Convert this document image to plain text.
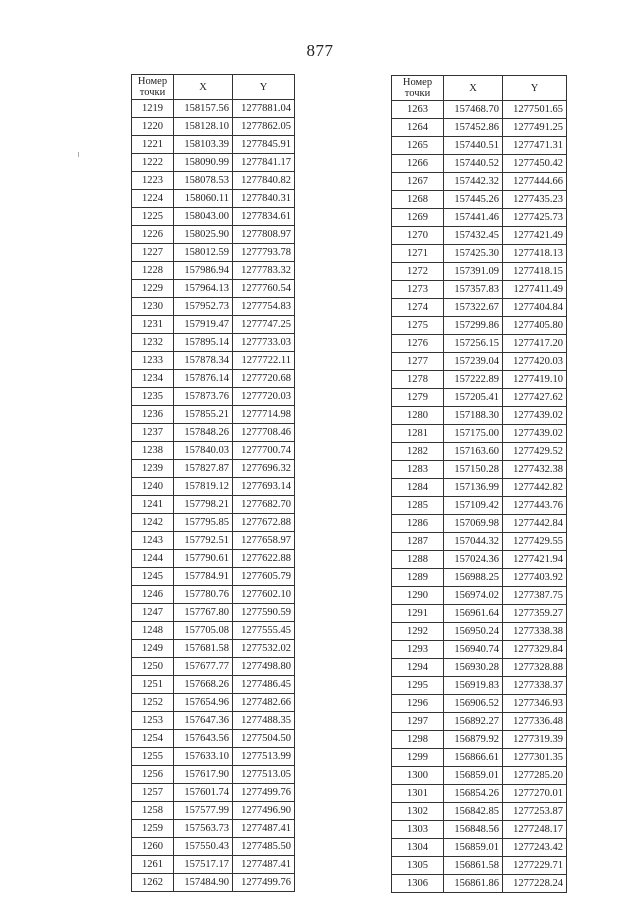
877
Номер точки	X	Y
1219	158157.56	1277881.04
1220	158128.10	1277862.05
1221	158103.39	1277845.91
1222	158090.99	1277841.17
1223	158078.53	1277840.82
1224	158060.11	1277840.31
1225	158043.00	1277834.61
1226	158025.90	1277808.97
1227	158012.59	1277793.78
1228	157986.94	1277783.32
1229	157964.13	1277760.54
1230	157952.73	1277754.83
1231	157919.47	1277747.25
1232	157895.14	1277733.03
1233	157878.34	1277722.11
1234	157876.14	1277720.68
1235	157873.76	1277720.03
1236	157855.21	1277714.98
1237	157848.26	1277708.46
1238	157840.03	1277700.74
1239	157827.87	1277696.32
1240	157819.12	1277693.14
1241	157798.21	1277682.70
1242	157795.85	1277672.88
1243	157792.51	1277658.97
1244	157790.61	1277622.88
1245	157784.91	1277605.79
1246	157780.76	1277602.10
1247	157767.80	1277590.59
1248	157705.08	1277555.45
1249	157681.58	1277532.02
1250	157677.77	1277498.80
1251	157668.26	1277486.45
1252	157654.96	1277482.66
1253	157647.36	1277488.35
1254	157643.56	1277504.50
1255	157633.10	1277513.99
1256	157617.90	1277513.05
1257	157601.74	1277499.76
1258	157577.99	1277496.90
1259	157563.73	1277487.41
1260	157550.43	1277485.50
1261	157517.17	1277487.41
1262	157484.90	1277499.76
Номер точки	X	Y
1263	157468.70	1277501.65
1264	157452.86	1277491.25
1265	157440.51	1277471.31
1266	157440.52	1277450.42
1267	157442.32	1277444.66
1268	157445.26	1277435.23
1269	157441.46	1277425.73
1270	157432.45	1277421.49
1271	157425.30	1277418.13
1272	157391.09	1277418.15
1273	157357.83	1277411.49
1274	157322.67	1277404.84
1275	157299.86	1277405.80
1276	157256.15	1277417.20
1277	157239.04	1277420.03
1278	157222.89	1277419.10
1279	157205.41	1277427.62
1280	157188.30	1277439.02
1281	157175.00	1277439.02
1282	157163.60	1277429.52
1283	157150.28	1277432.38
1284	157136.99	1277442.82
1285	157109.42	1277443.76
1286	157069.98	1277442.84
1287	157044.32	1277429.55
1288	157024.36	1277421.94
1289	156988.25	1277403.92
1290	156974.02	1277387.75
1291	156961.64	1277359.27
1292	156950.24	1277338.38
1293	156940.74	1277329.84
1294	156930.28	1277328.88
1295	156919.83	1277338.37
1296	156906.52	1277346.93
1297	156892.27	1277336.48
1298	156879.92	1277319.39
1299	156866.61	1277301.35
1300	156859.01	1277285.20
1301	156854.26	1277270.01
1302	156842.85	1277253.87
1303	156848.56	1277248.17
1304	156859.01	1277243.42
1305	156861.58	1277229.71
1306	156861.86	1277228.24
